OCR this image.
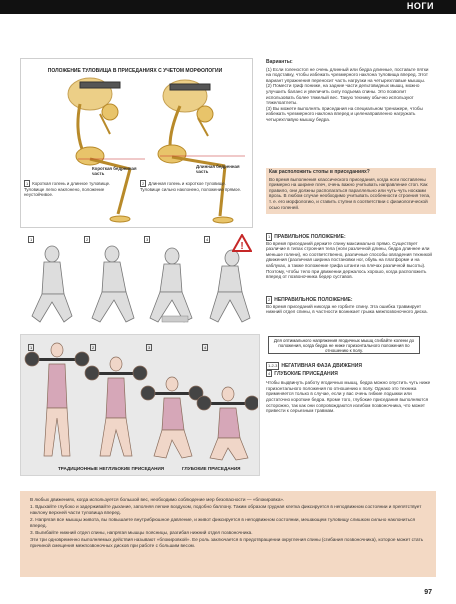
НОГИ
ПОЛОЖЕНИЕ ТУЛОВИЩА В ПРИСЕДАНИЯХ С УЧЕТОМ МОРФОЛОГИИ
Короткая бедренная часть
Длинная бедренная часть
1 Короткая голень и длинное туловище. Туловище легко наклонено, положение неустойчивое.
2 Длинная голень и короткое туловище. Туловище сильно наклонено, положение прямое.
Варианты:
(1) Если голеностоп не очень длинный или бедра длинные, поставьте пятки на подставку, чтобы избежать чрезмерного наклона туловища вперед. Этот вариант упражнения переносит часть нагрузки на четырехглавые мышцы.
(2) Помести гриф пониже, на задние части дельтовидных мышц, можно улучшить баланс и увеличить силу подъема спины. Это позволит использовать более тяжелый вес. Такую технику обычно используют тяжелоатлеты.
(3) Вы можете выполнять приседания на специальном тренажере, чтобы избежать чрезмерного наклона вперед и целенаправленно нагружать четырехглавую мышцу бедра.
Как расположить стопы в приседаниях?
Во время выполнения классического приседания, когда ноги поставлены примерно на ширине плеч, очень важно учитывать направление стоп. Как правило, они должны располагаться параллельно или чуть-чуть носками врозь. В любом случае необходимо учитывать особенности строения тела, т. е. его морфологию, и ставить ступни в соответствии с физиологической осью голеней.
1	2	3	4
!
1 ПРАВИЛЬНОЕ ПОЛОЖЕНИЕ:
Во время приседаний держите спину максимально прямо. Существует различие в типах строения тела (ноги различной длины, бедра длиннее или меньше голени), но соответственно, различные способы овладения техникой движения (различная ширина постановки ног, обувь на платформе и на каблуках, а также положение грифа штанги на плечах различной высоты). Поэтому, чтобы тело при движении держалось хорошо, когда расположить вперед от позвоночника бедер суставов.
2 НЕПРАВИЛЬНОЕ ПОЛОЖЕНИЕ:
Во время приседаний никогда не горбите спину. Эта ошибка травмирует нижний отдел спины, в частности возникает грыжа межпозвоночного диска.
Для оптимального напряжения ягодичных мышц сгибайте колени до положения, когда бедра не ниже горизонтального положения по отношению к полу.
1-2-3 НЕГАТИВНАЯ ФАЗА ДВИЖЕНИЯ
4 ГЛУБОКИЕ ПРИСЕДАНИЯ
Чтобы выдвинуть работу ягодичных мышц, бедра можно опустить чуть ниже горизонтального положения по отношению к полу. Однако это техника применяется только в случае, если у вас очень гибкие лодыжки или достаточно короткие бедра. Кроме того, глубокие приседания выполняются осторожно, так как они сопровождаются изгибом позвоночника, что может привести к серьезным травмам.
1	2	3	4
ТРАДИЦИОННЫЕ НЕГЛУБОКИЕ ПРИСЕДАНИЯ	ГЛУБОКИЕ ПРИСЕДАНИЯ

В любых движениях, когда используется большой вес, необходимо соблюдение мер безопасности — «блокировка».

1. Вдыхайте глубоко и задерживайте дыхание, заполняя легкие воздухом, подобно баллону. Таким образом грудная клетка фиксируется в неподвижном состоянии и препятствует наклону верхней части туловища вперед.

2. Напрягая все мышцы живота, вы повышаете внутрибрюшное давление, и живот фиксируется в неподвижном состоянии, мешающем туловищу слишком сильно наклониться вперед.

3. Выгибайте нижний отдел спины, напрягая мышцы поясницы, разгибая нижний отдел позвоночника.

Эти три одновременно выполняемых действия называют «блокировкой». Ее роль заключается в предотвращении округления спины (сгибания позвоночника), которое может стать причиной смещения межпозвоночных дисков при работе с большим весом.

97
